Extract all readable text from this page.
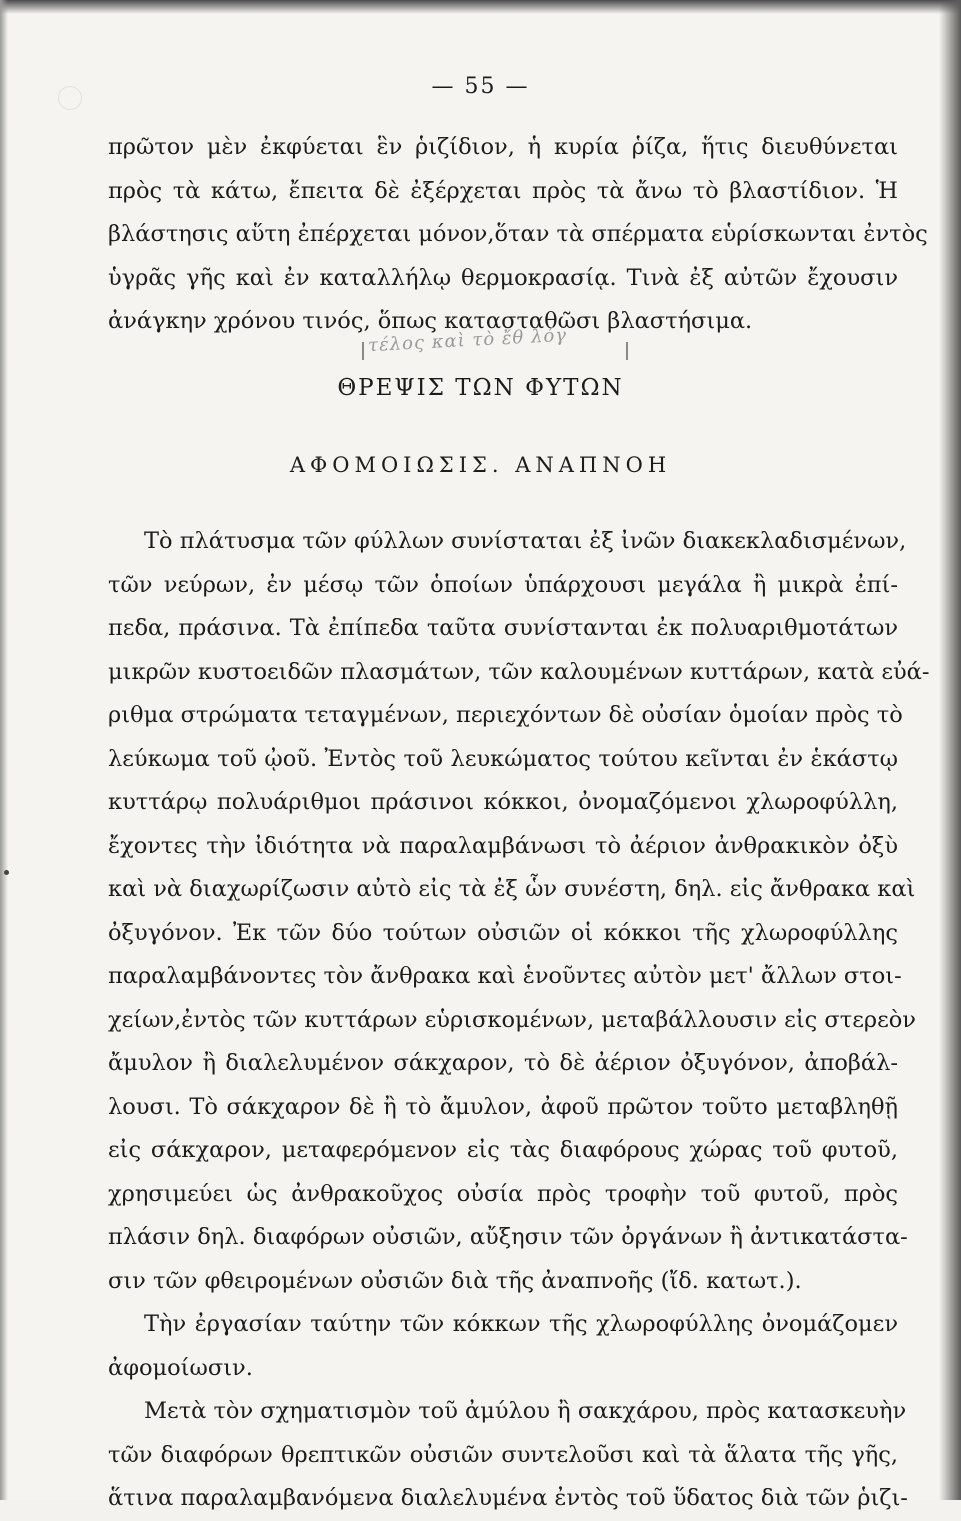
— 55 —
πρῶτον μὲν ἐκφύεται ἓν ῥιζίδιον, ἡ κυρία ῥίζα, ἥτις διευθύνεται
πρὸς τὰ κάτω, ἔπειτα δὲ ἐξέρχεται πρὸς τὰ ἄνω τὸ βλαστίδιον. Ἡ
βλάστησις αὕτη ἐπέρχεται μόνον,ὅταν τὰ σπέρματα εὑρίσκωνται ἐντὸς
ὑγρᾶς γῆς καὶ ἐν καταλλήλῳ θερμοκρασίᾳ. Τινὰ ἐξ αὐτῶν ἔχουσιν
ἀνάγκην χρόνου τινός, ὅπως κατασταθῶσι βλαστήσιμα.
τέλος καὶ τὸ ἔθ λόγ
ΘΡΕΨΙΣ ΤΩΝ ΦΥΤΩΝ
ΑΦΟΜΟΙΩΣΙΣ. ΑΝΑΠΝΟΗ
Τὸ πλάτυσμα τῶν φύλλων συνίσταται ἐξ ἰνῶν διακεκλαδισμένων,
τῶν νεύρων, ἐν μέσῳ τῶν ὁποίων ὑπάρχουσι μεγάλα ἢ μικρὰ ἐπί-
πεδα, πράσινα. Τὰ ἐπίπεδα ταῦτα συνίστανται ἐκ πολυαριθμοτάτων
μικρῶν κυστοειδῶν πλασμάτων, τῶν καλουμένων κυττάρων, κατὰ εὐά-
ριθμα στρώματα τεταγμένων, περιεχόντων δὲ οὐσίαν ὁμοίαν πρὸς τὸ
λεύκωμα τοῦ ᾠοῦ. Ἐντὸς τοῦ λευκώματος τούτου κεῖνται ἐν ἑκάστῳ
κυττάρῳ πολυάριθμοι πράσινοι κόκκοι, ὀνομαζόμενοι χλωροφύλλη,
ἔχοντες τὴν ἰδιότητα νὰ παραλαμβάνωσι τὸ ἀέριον ἀνθρακικὸν ὀξὺ
καὶ νὰ διαχωρίζωσιν αὐτὸ εἰς τὰ ἐξ ὧν συνέστη, δηλ. εἰς ἄνθρακα καὶ
ὀξυγόνον. Ἐκ τῶν δύο τούτων οὐσιῶν οἱ κόκκοι τῆς χλωροφύλλης
παραλαμβάνοντες τὸν ἄνθρακα καὶ ἑνοῦντες αὐτὸν μετ' ἄλλων στοι-
χείων,ἐντὸς τῶν κυττάρων εὑρισκομένων, μεταβάλλουσιν εἰς στερεὸν
ἄμυλον ἢ διαλελυμένον σάκχαρον, τὸ δὲ ἀέριον ὀξυγόνον, ἀποβάλ-
λουσι. Τὸ σάκχαρον δὲ ἢ τὸ ἄμυλον, ἀφοῦ πρῶτον τοῦτο μεταβληθῇ
εἰς σάκχαρον, μεταφερόμενον εἰς τὰς διαφόρους χώρας τοῦ φυτοῦ,
χρησιμεύει ὡς ἀνθρακοῦχος οὐσία πρὸς τροφὴν τοῦ φυτοῦ, πρὸς
πλάσιν δηλ. διαφόρων οὐσιῶν, αὔξησιν τῶν ὀργάνων ἢ ἀντικατάστα-
σιν τῶν φθειρομένων οὐσιῶν διὰ τῆς ἀναπνοῆς (ἴδ. κατωτ.).
Τὴν ἐργασίαν ταύτην τῶν κόκκων τῆς χλωροφύλλης ὀνομάζομεν
ἀφομοίωσιν.
Μετὰ τὸν σχηματισμὸν τοῦ ἀμύλου ἢ σακχάρου, πρὸς κατασκευὴν
τῶν διαφόρων θρεπτικῶν οὐσιῶν συντελοῦσι καὶ τὰ ἅλατα τῆς γῆς,
ἅτινα παραλαμβανόμενα διαλελυμένα ἐντὸς τοῦ ὕδατος διὰ τῶν ῥιζι-
